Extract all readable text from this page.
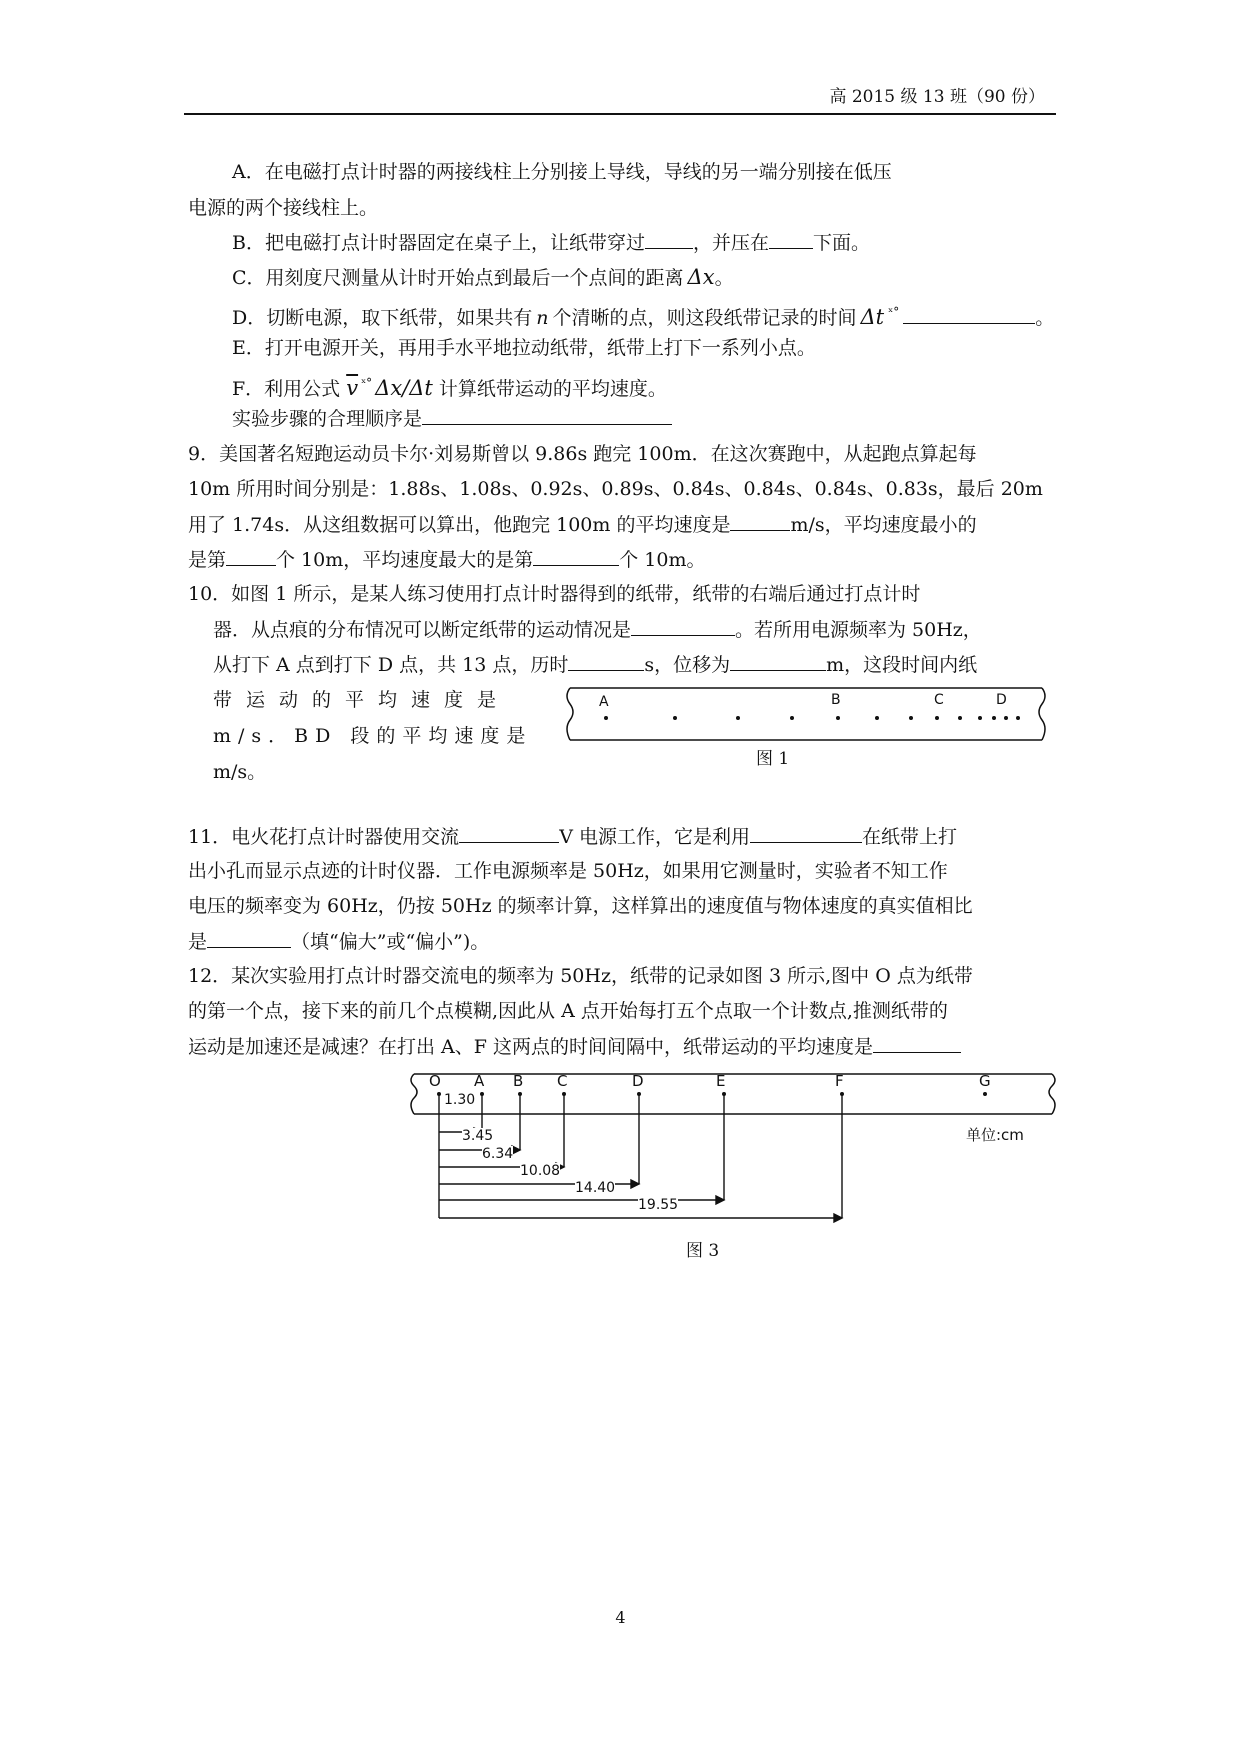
高 2015 级 13 班（90 份）
A．在电磁打点计时器的两接线柱上分别接上导线，导线的另一端分别接在低压
电源的两个接线柱上。
B．把电磁打点计时器固定在桌子上，让纸带穿过	，并压在 下面。
C．用刻度尺测量从计时开始点到最后一个点间的距离 Δx。
D．切断电源，取下纸带，如果共有 n 个清晰的点，则这段纸带记录的时间 Δt $^{ˣ^\circ}$	。
E．打开电源开关，再用手水平地拉动纸带，纸带上打下一系列小点。
F．利用公式 $\overline{v}$ $^{ˣ^\circ}$ Δx/Δt 计算纸带运动的平均速度。
实验步骤的合理顺序是
9．美国著名短跑运动员卡尔·刘易斯曾以 9.86s 跑完 100m．在这次赛跑中，从起跑点算起每
10m 所用时间分别是：1.88s、1.08s、0.92s、0.89s、0.84s、0.84s、0.84s、0.83s，最后 20m
用了 1.74s．从这组数据可以算出，他跑完 100m 的平均速度是	m/s，平均速度最小的
是第	个 10m，平均速度最大的是第	个 10m。
10．如图 1 所示，是某人练习使用打点计时器得到的纸带，纸带的右端后通过打点计时
器．从点痕的分布情况可以断定纸带的运动情况是	。若所用电源频率为 50Hz，
从打下 A 点到打下 D 点，共 13 点，历时	s，位移为	m，这段时间内纸
带运动的平均速度是
m/s．BD 段的平均速度是
m/s。
A	B	C	D
图 1
11．电火花打点计时器使用交流	V 电源工作，它是利用	在纸带上打
出小孔而显示点迹的计时仪器．工作电源频率是 50Hz，如果用它测量时，实验者不知工作
电压的频率变为 60Hz，仍按 50Hz 的频率计算，这样算出的速度值与物体速度的真实值相比
是	（填“偏大”或“偏小”)。
12．某次实验用打点计时器交流电的频率为 50Hz，纸带的记录如图 3 所示,图中 O 点为纸带
的第一个点，接下来的前几个点模糊,因此从 A 点开始每打五个点取一个计数点,推测纸带的
运动是加速还是减速？在打出 A、F 这两点的时间间隔中，纸带运动的平均速度是
O A B C	D	E	F	G
1.30
3.45
6.34
10.08
14.40
19.55
单位:cm
图 3
4
